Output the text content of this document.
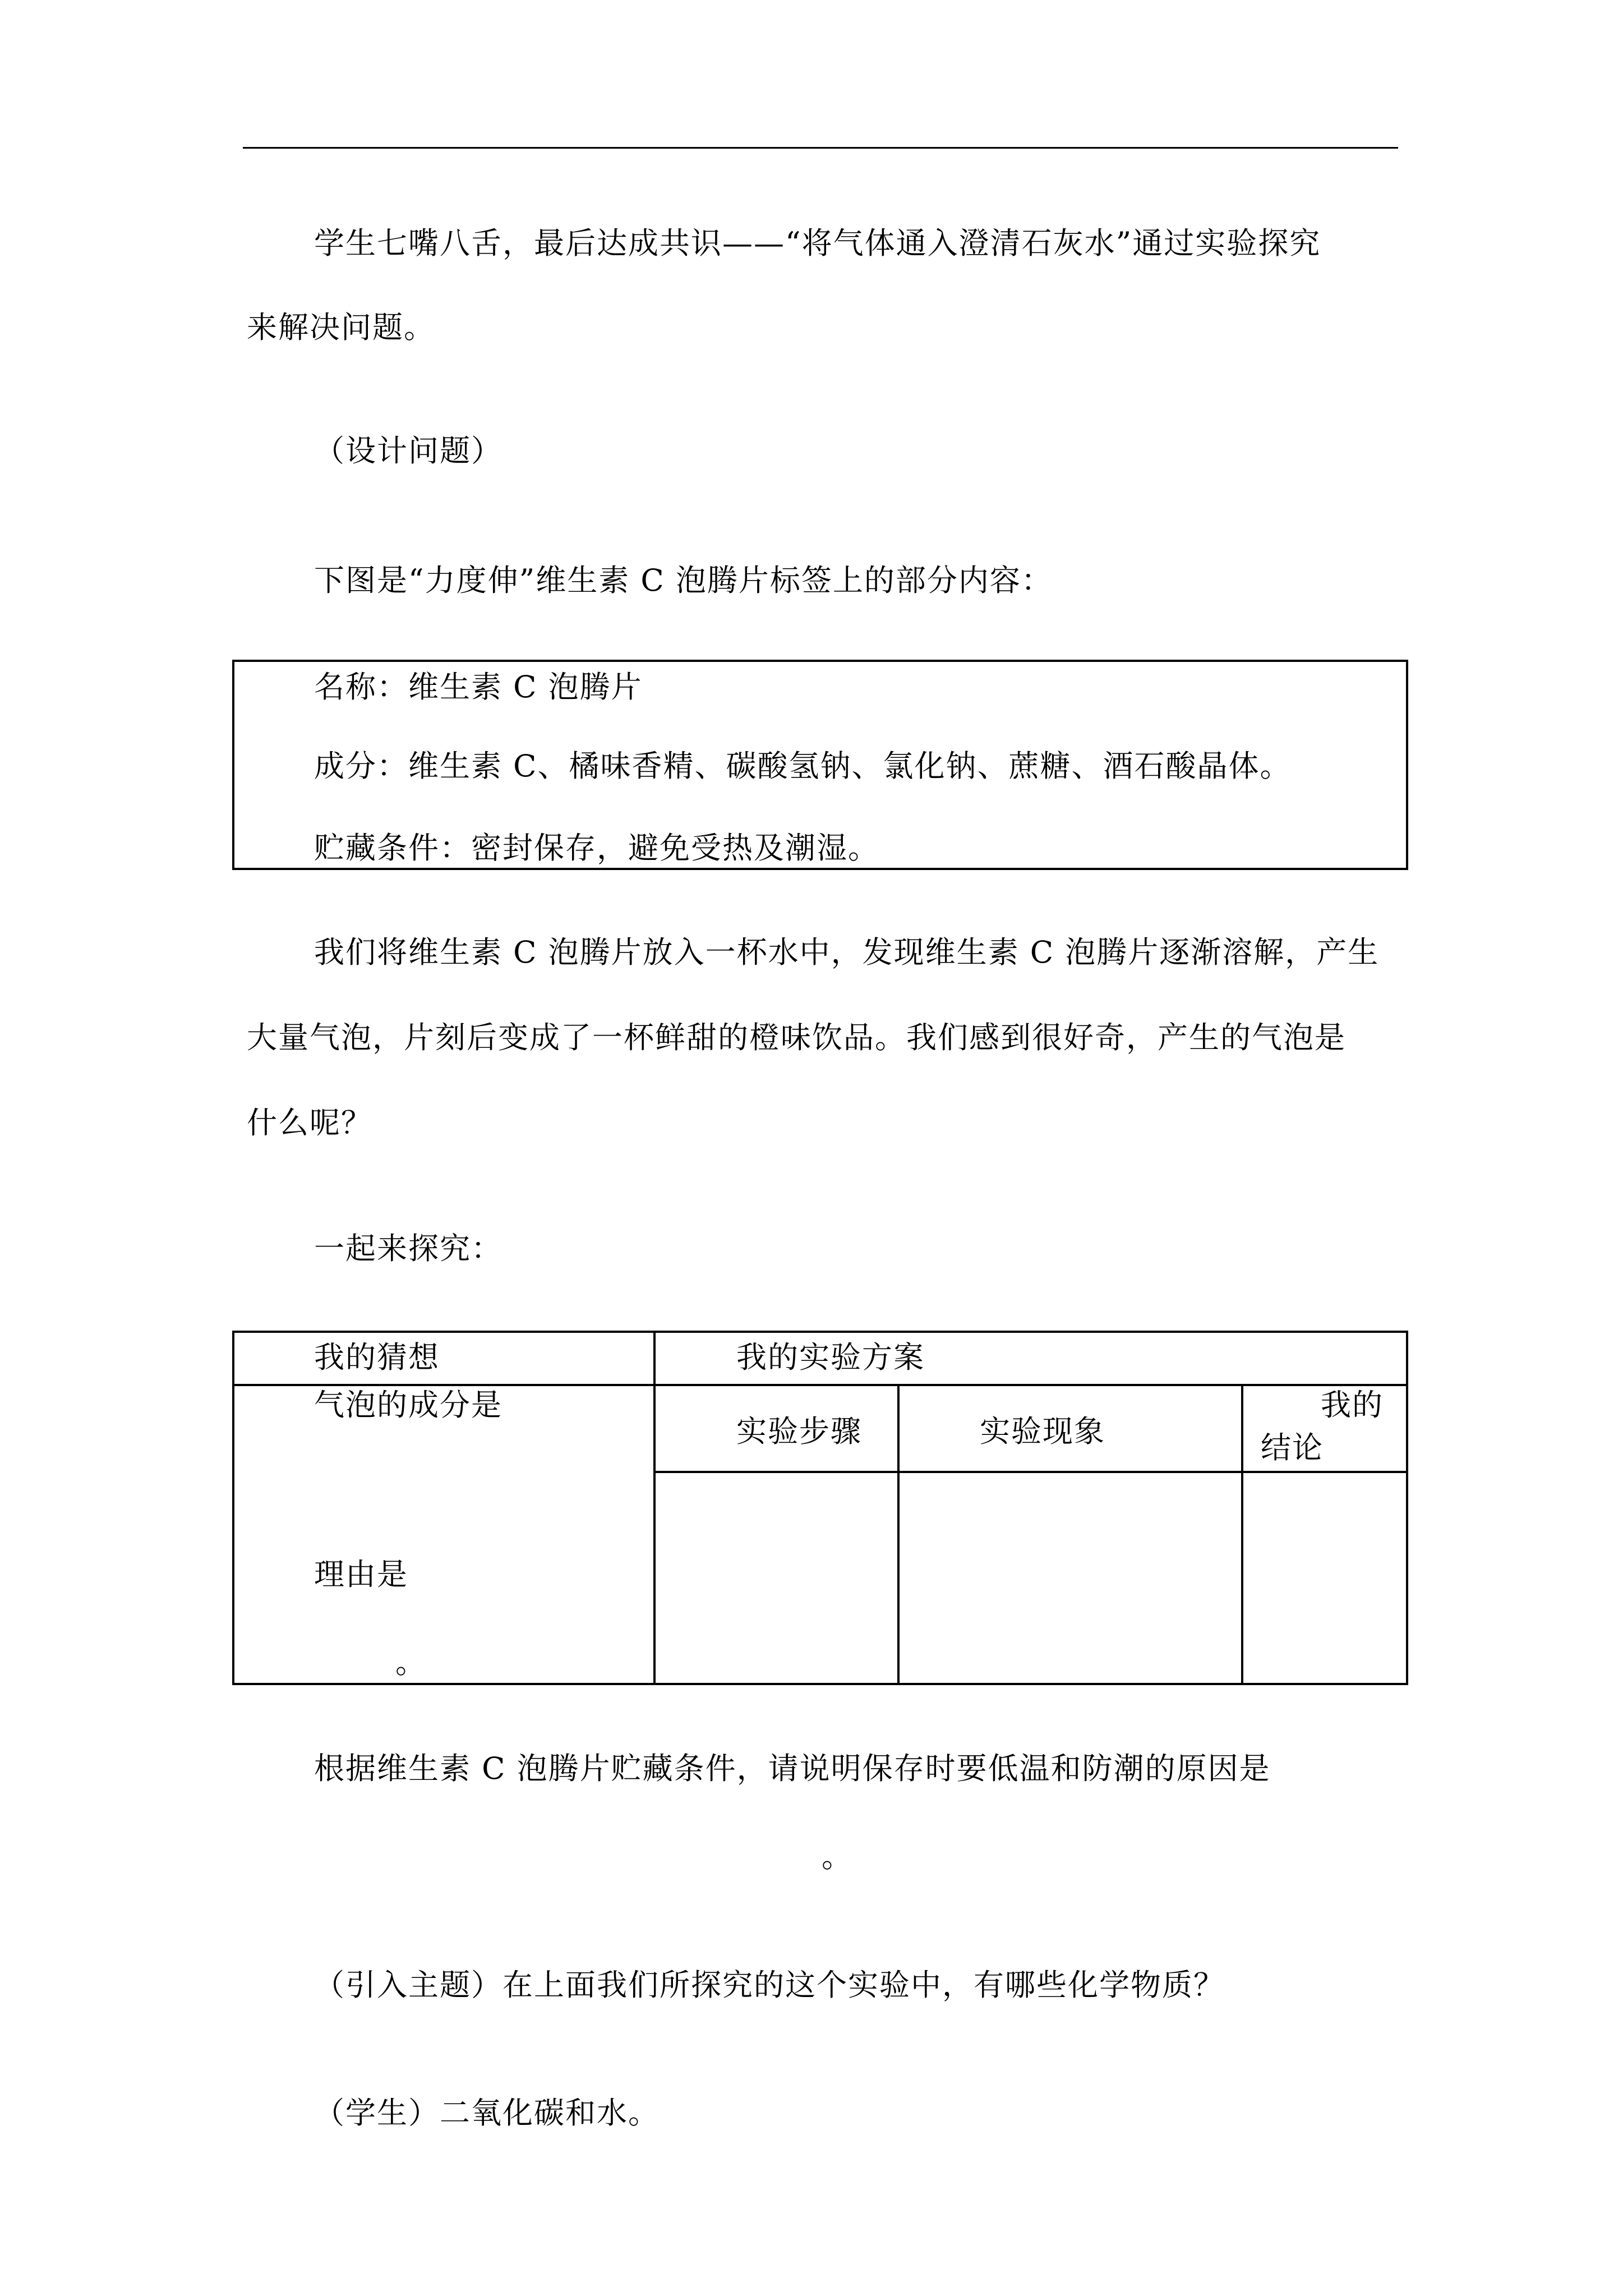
学生七嘴八舌，最后达成共识——“将气体通入澄清石灰水”通过实验探究
来解决问题。
（设计问题）
下图是“力度伸”维生素 C 泡腾片标签上的部分内容：
名称：维生素 C 泡腾片
成分：维生素 C、橘味香精、碳酸氢钠、氯化钠、蔗糖、酒石酸晶体。
贮藏条件：密封保存，避免受热及潮湿。
我们将维生素 C 泡腾片放入一杯水中，发现维生素 C 泡腾片逐渐溶解，产生
大量气泡，片刻后变成了一杯鲜甜的橙味饮品。我们感到很好奇，产生的气泡是
什么呢？
一起来探究：
我的猜想	我的实验方案
气泡的成分是
实验步骤	实验现象
我的
结论
理由是
。
根据维生素 C 泡腾片贮藏条件，请说明保存时要低温和防潮的原因是
。
（引入主题）在上面我们所探究的这个实验中，有哪些化学物质？
（学生）二氧化碳和水。
